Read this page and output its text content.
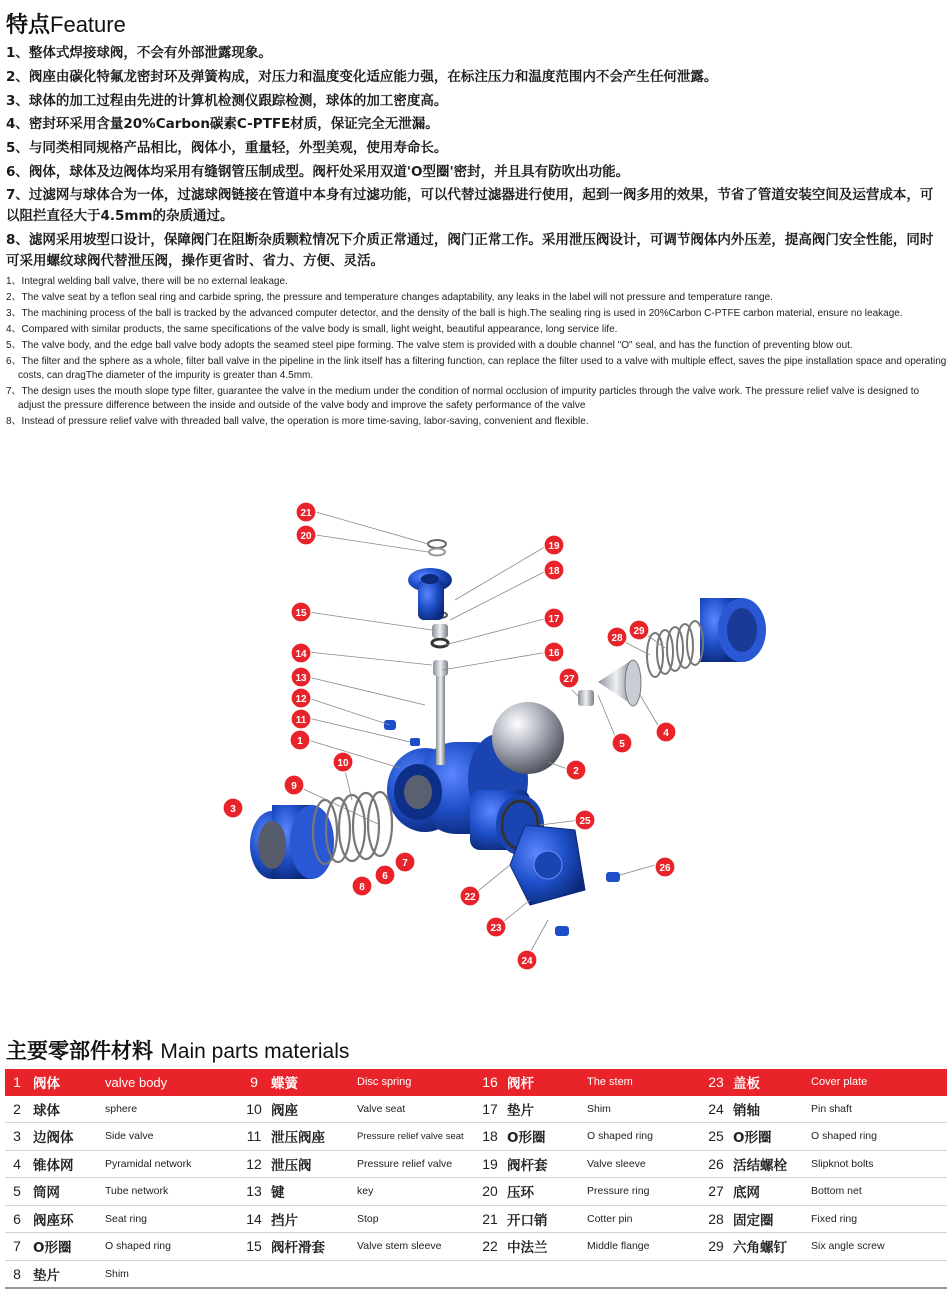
特点Feature
1、整体式焊接球阀，不会有外部泄露现象。
2、阀座由碳化特氟龙密封环及弹簧构成，对压力和温度变化适应能力强，在标注压力和温度范围内不会产生任何泄露。
3、球体的加工过程由先进的计算机检测仪跟踪检测，球体的加工密度高。
4、密封环采用含量20%Carbon碳素C-PTFE材质，保证完全无泄漏。
5、与同类相同规格产品相比，阀体小，重量轻，外型美观，使用寿命长。
6、阀体，球体及边阀体均采用有缝钢管压制成型。阀杆处采用双道'O型圈'密封，并且具有防吹出功能。
7、过滤网与球体合为一体，过滤球阀链接在管道中本身有过滤功能，可以代替过滤器进行使用，起到一阀多用的效果，节省了管道安装空间及运营成本，可以阻拦直径大于4.5mm的杂质通过。
8、滤网采用坡型口设计，保障阀门在阻断杂质颗粒情况下介质正常通过，阀门正常工作。采用泄压阀设计，可调节阀体内外压差，提高阀门安全性能，同时可采用螺纹球阀代替泄压阀，操作更省时、省力、方便、灵活。
1、Integral welding ball valve, there will be no external leakage.
2、The valve seat by a teflon seal ring and carbide spring, the pressure and temperature changes adaptability, any leaks in the label will not pressure and temperature range.
3、The machining process of the ball is tracked by the advanced computer detector, and the density of the ball is high.The sealing ring is used in 20%Carbon C-PTFE carbon material, ensure no leakage.
4、Compared with similar products, the same specifications of the valve body is small, light weight, beautiful appearance, long service life.
5、The valve body, and the edge ball valve body adopts the seamed steel pipe forming. The valve stem is provided with a double channel "O" seal, and has the function of preventing blow out.
6、The filter and the sphere as a whole, filter ball valve in the pipeline in the link itself has a filtering function, can replace the filter used to a valve with multiple effect, saves the pipe installation space and operating costs, can dragThe diameter of the impurity is greater than 4.5mm.
7、The design uses the mouth slope type filter, guarantee the valve in the medium under the condition of normal occlusion of impurity particles through the valve work. The pressure relief valve is designed to adjust the pressure difference between the inside and outside of the valve body and improve the safety performance of the valve
8、Instead of pressure relief valve with threaded ball valve, the operation is more time-saving, labor-saving, convenient and flexible.
1
2
3
4
5
6
7
8
9
10
11
12
13
14
15
16
17
18
19
20
21
22
23
24
25
26
27
28
29
主要零部件材料 Main parts materials
1	阀体	valve body	9	蝶簧	Disc spring	16	阀杆	The stem	23	盖板	Cover plate
2	球体	sphere	10	阀座	Valve seat	17	垫片	Shim	24	销轴	Pin shaft
3	边阀体	Side valve	11	泄压阀座	Pressure relief valve seat	18	O形圈	O shaped ring	25	O形圈	O shaped ring
4	锥体网	Pyramidal network	12	泄压阀	Pressure relief valve	19	阀杆套	Valve sleeve	26	活结螺栓	Slipknot bolts
5	筒网	Tube network	13	键	key	20	压环	Pressure ring	27	底网	Bottom net
6	阀座环	Seat ring	14	挡片	Stop	21	开口销	Cotter pin	28	固定圈	Fixed ring
7	O形圈	O shaped ring	15	阀杆滑套	Valve stem sleeve	22	中法兰	Middle flange	29	六角螺钉	Six angle screw
8	垫片	Shim									
